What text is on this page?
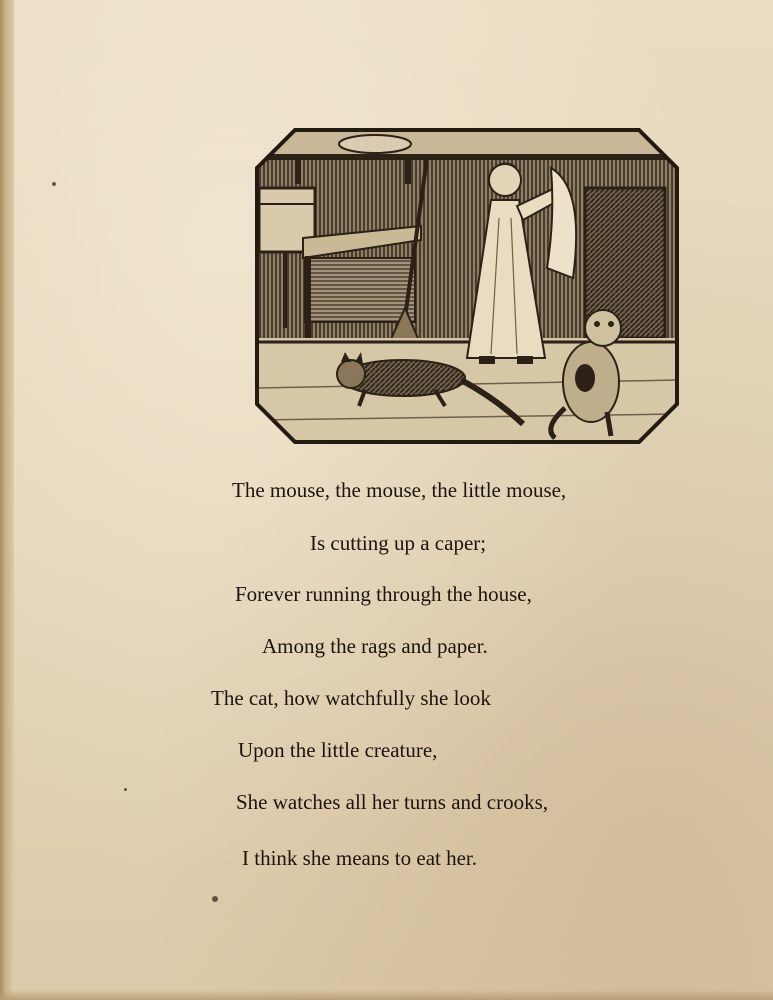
The mouse, the mouse, the little mouse,
Is cutting up a caper;
Forever running through the house,
Among the rags and paper.
The cat, how watchfully she look
Upon the little creature,
She watches all her turns and crooks,
I think she means to eat her.
